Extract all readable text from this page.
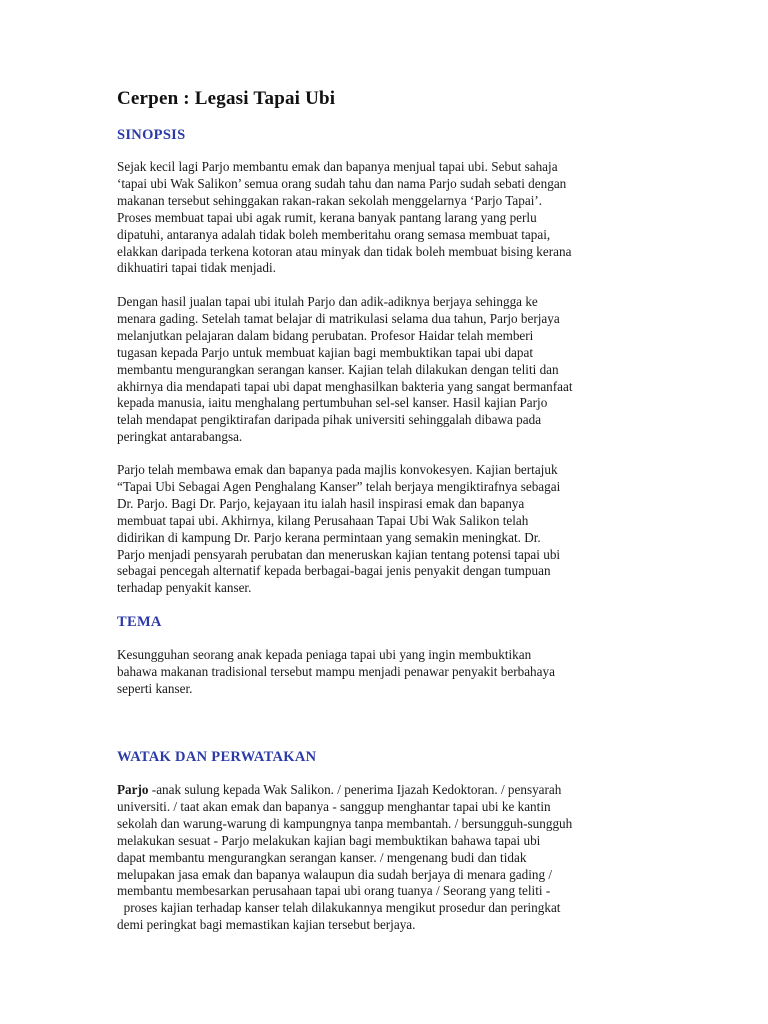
Cerpen : Legasi Tapai Ubi
SINOPSIS

Sejak kecil lagi Parjo membantu emak dan bapanya menjual tapai ubi. Sebut sahaja
‘tapai ubi Wak Salikon’ semua orang sudah tahu dan nama Parjo sudah sebati dengan
makanan tersebut sehinggakan rakan-rakan sekolah menggelarnya ‘Parjo Tapai’.
Proses membuat tapai ubi agak rumit, kerana banyak pantang larang yang perlu
dipatuhi, antaranya adalah tidak boleh memberitahu orang semasa membuat tapai,
elakkan daripada terkena kotoran atau minyak dan tidak boleh membuat bising kerana
dikhuatiri tapai tidak menjadi.

Dengan hasil jualan tapai ubi itulah Parjo dan adik-adiknya berjaya sehingga ke
menara gading. Setelah tamat belajar di matrikulasi selama dua tahun, Parjo berjaya
melanjutkan pelajaran dalam bidang perubatan. Profesor Haidar telah memberi
tugasan kepada Parjo untuk membuat kajian bagi membuktikan tapai ubi dapat
membantu mengurangkan serangan kanser. Kajian telah dilakukan dengan teliti dan
akhirnya dia mendapati tapai ubi dapat menghasilkan bakteria yang sangat bermanfaat
kepada manusia, iaitu menghalang pertumbuhan sel-sel kanser. Hasil kajian Parjo
telah mendapat pengiktirafan daripada pihak universiti sehinggalah dibawa pada
peringkat antarabangsa.

Parjo telah membawa emak dan bapanya pada majlis konvokesyen. Kajian bertajuk
“Tapai Ubi Sebagai Agen Penghalang Kanser” telah berjaya mengiktirafnya sebagai
Dr. Parjo. Bagi Dr. Parjo, kejayaan itu ialah hasil inspirasi emak dan bapanya
membuat tapai ubi. Akhirnya, kilang Perusahaan Tapai Ubi Wak Salikon telah
didirikan di kampung Dr. Parjo kerana permintaan yang semakin meningkat. Dr.
Parjo menjadi pensyarah perubatan dan meneruskan kajian tentang potensi tapai ubi
sebagai pencegah alternatif kepada berbagai-bagai jenis penyakit dengan tumpuan
terhadap penyakit kanser.

TEMA

Kesungguhan seorang anak kepada peniaga tapai ubi yang ingin membuktikan
bahawa makanan tradisional tersebut mampu menjadi penawar penyakit berbahaya
seperti kanser.

WATAK DAN PERWATAKAN

Parjo -anak sulung kepada Wak Salikon. / penerima Ijazah Kedoktoran. / pensyarah
universiti. / taat akan emak dan bapanya - sanggup menghantar tapai ubi ke kantin
sekolah dan warung-warung di kampungnya tanpa membantah. / bersungguh-sungguh
melakukan sesuat - Parjo melakukan kajian bagi membuktikan bahawa tapai ubi
dapat membantu mengurangkan serangan kanser. / mengenang budi dan tidak
melupakan jasa emak dan bapanya walaupun dia sudah berjaya di menara gading /
membantu membesarkan perusahaan tapai ubi orang tuanya / Seorang yang teliti -
proses kajian terhadap kanser telah dilakukannya mengikut prosedur dan peringkat
demi peringkat bagi memastikan kajian tersebut berjaya.
